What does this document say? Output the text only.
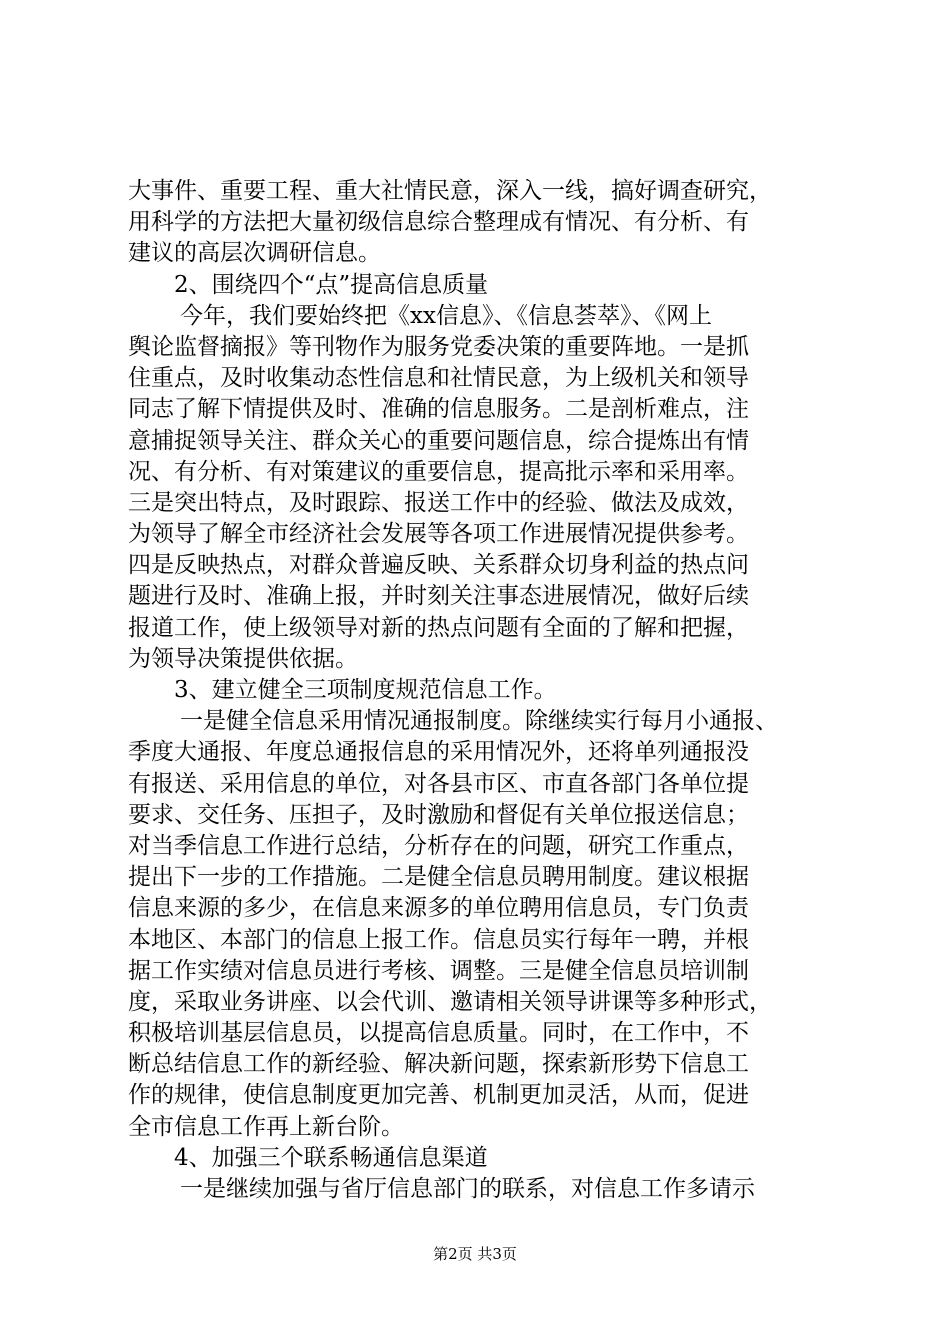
大事件、重要工程、重大社情民意，深入一线，搞好调查研究，
用科学的方法把大量初级信息综合整理成有情况、有分析、有
建议的高层次调研信息。
2、围绕四个“点”提高信息质量
今年，我们要始终把《xx信息》、《信息荟萃》、《网上
舆论监督摘报》等刊物作为服务党委决策的重要阵地。一是抓
住重点，及时收集动态性信息和社情民意，为上级机关和领导
同志了解下情提供及时、准确的信息服务。二是剖析难点，注
意捕捉领导关注、群众关心的重要问题信息，综合提炼出有情
况、有分析、有对策建议的重要信息，提高批示率和采用率。
三是突出特点，及时跟踪、报送工作中的经验、做法及成效，
为领导了解全市经济社会发展等各项工作进展情况提供参考。
四是反映热点，对群众普遍反映、关系群众切身利益的热点问
题进行及时、准确上报，并时刻关注事态进展情况，做好后续
报道工作，使上级领导对新的热点问题有全面的了解和把握，
为领导决策提供依据。
3、建立健全三项制度规范信息工作。
一是健全信息采用情况通报制度。除继续实行每月小通报、
季度大通报、年度总通报信息的采用情况外，还将单列通报没
有报送、采用信息的单位，对各县市区、市直各部门各单位提
要求、交任务、压担子，及时激励和督促有关单位报送信息；
对当季信息工作进行总结，分析存在的问题，研究工作重点，
提出下一步的工作措施。二是健全信息员聘用制度。建议根据
信息来源的多少，在信息来源多的单位聘用信息员，专门负责
本地区、本部门的信息上报工作。信息员实行每年一聘，并根
据工作实绩对信息员进行考核、调整。三是健全信息员培训制
度，采取业务讲座、以会代训、邀请相关领导讲课等多种形式，
积极培训基层信息员，以提高信息质量。同时，在工作中，不
断总结信息工作的新经验、解决新问题，探索新形势下信息工
作的规律，使信息制度更加完善、机制更加灵活，从而，促进
全市信息工作再上新台阶。
4、加强三个联系畅通信息渠道
一是继续加强与省厅信息部门的联系，对信息工作多请示
第2页 共3页
